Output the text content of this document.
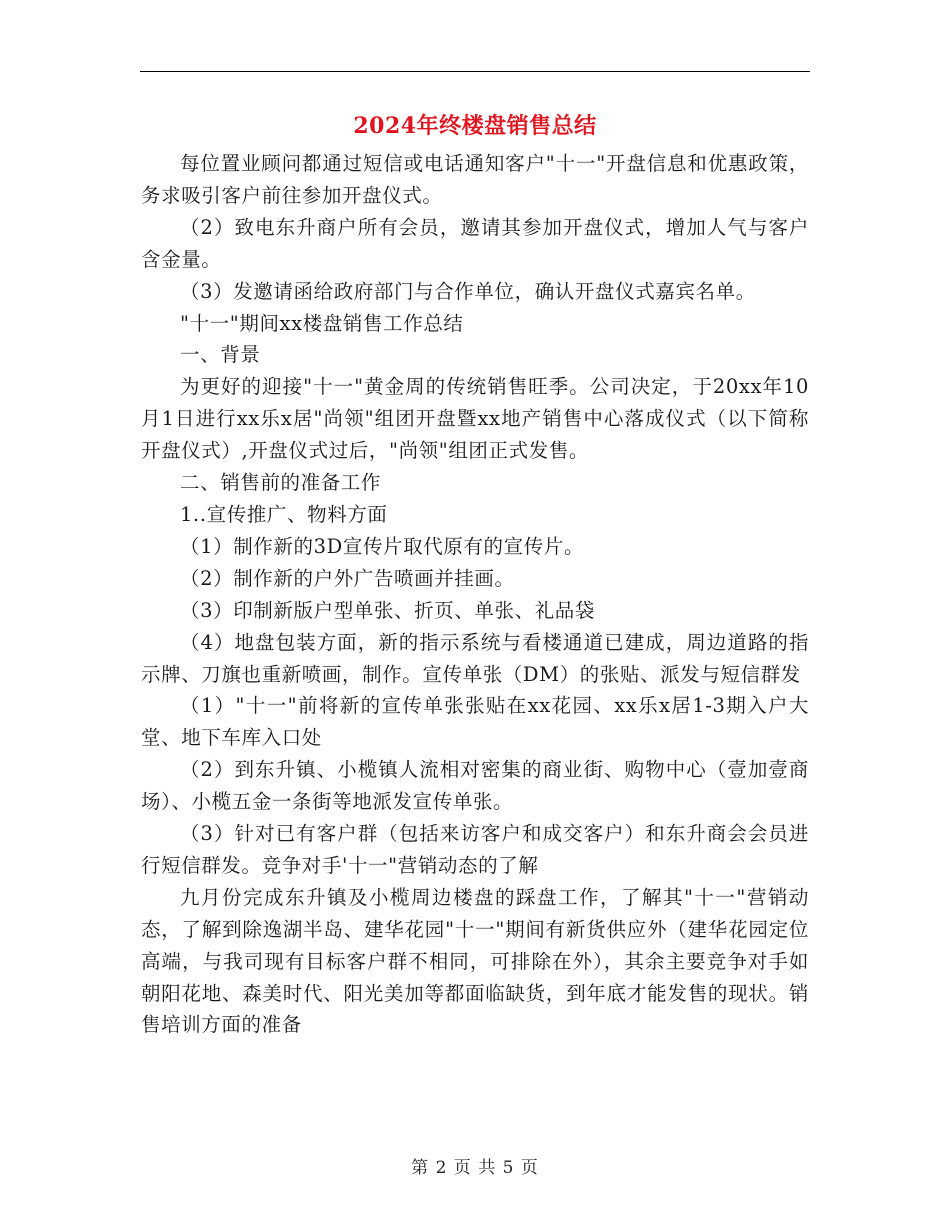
2024年终楼盘销售总结

每位置业顾问都通过短信或电话通知客户"十一"开盘信息和优惠政策，务求吸引客户前往参加开盘仪式。

（2）致电东升商户所有会员，邀请其参加开盘仪式，增加人气与客户含金量。

（3）发邀请函给政府部门与合作单位，确认开盘仪式嘉宾名单。

"十一"期间xx楼盘销售工作总结

一、背景

为更好的迎接"十一"黄金周的传统销售旺季。公司决定，于20xx年10月1日进行xx乐x居"尚领"组团开盘暨xx地产销售中心落成仪式（以下简称开盘仪式）,开盘仪式过后，"尚领"组团正式发售。

二、销售前的准备工作

1..宣传推广、物料方面

（1）制作新的3D宣传片取代原有的宣传片。

（2）制作新的户外广告喷画并挂画。

（3）印制新版户型单张、折页、单张、礼品袋

（4）地盘包装方面，新的指示系统与看楼通道已建成，周边道路的指示牌、刀旗也重新喷画，制作。宣传单张（DM）的张贴、派发与短信群发

（1）"十一"前将新的宣传单张张贴在xx花园、xx乐x居1-3期入户大堂、地下车库入口处

（2）到东升镇、小榄镇人流相对密集的商业街、购物中心（壹加壹商场）、小榄五金一条街等地派发宣传单张。

（3）针对已有客户群（包括来访客户和成交客户）和东升商会会员进行短信群发。竞争对手'十一"营销动态的了解

九月份完成东升镇及小榄周边楼盘的踩盘工作，了解其"十一"营销动态，了解到除逸湖半岛、建华花园"十一"期间有新货供应外（建华花园定位高端，与我司现有目标客户群不相同，可排除在外），其余主要竞争对手如朝阳花地、森美时代、阳光美加等都面临缺货，到年底才能发售的现状。销售培训方面的准备

第 2 页 共 5 页
